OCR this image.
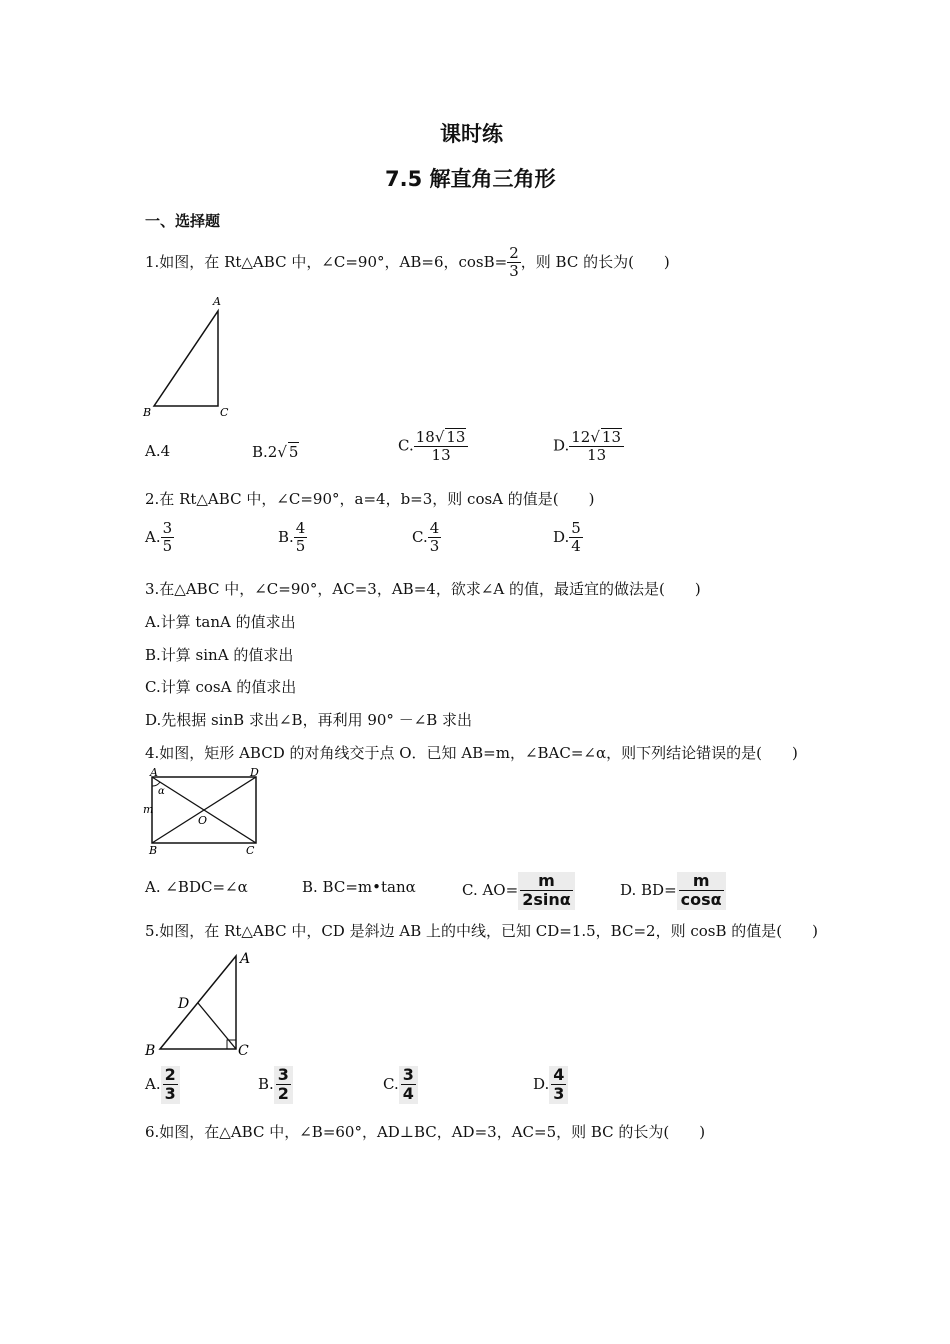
课时练
7.5 解直角三角形
一、选择题
1.如图，在 Rt△ABC 中，∠C=90°，AB=6，$\cos B= \frac{2}{3}$ ，则 BC 的长为(　　)
A
B	C
A.4	B.2√ 5	C. $\frac{18√ 13}{13}$	D. $\frac{12√ 13}{13}$
2.在 Rt△ABC 中，∠C=90°，a=4，b=3，则 cosA 的值是(　　)
A. $\frac{3}{5}$	B. $\frac{4}{5}$	C. $\frac{4}{3}$	D. $\frac{5}{4}$
3.在△ABC 中，∠C=90°，AC=3，AB=4，欲求∠A 的值，最适宜的做法是(　　)
A.计算 tanA 的值求出
B.计算 sinA 的值求出
C.计算 cosA 的值求出
D.先根据 sinB 求出∠B，再利用 90° －∠B 求出
4.如图，矩形 ABCD 的对角线交于点 O．已知 AB=m，∠BAC=∠α，则下列结论错误的是(　　)
A	D
B	C
O
m
α
A. ∠BDC=∠α	B. BC=m•tanα	C. $AO= \frac{m}{2\sin\alpha}$	D. $BD= \frac{m}{\cos\alpha}$
5.如图，在 Rt△ABC 中，CD 是斜边 AB 上的中线，已知 CD=1.5，BC=2，则 cosB 的值是(　　)
A
B	C
D
A. $\frac{2}{3}$	B. $\frac{3}{2}$	C. $\frac{3}{4}$	D. $\frac{4}{3}$
6.如图，在△ABC 中，∠B=60°，AD⊥BC，AD=3，AC=5，则 BC 的长为(　　)
